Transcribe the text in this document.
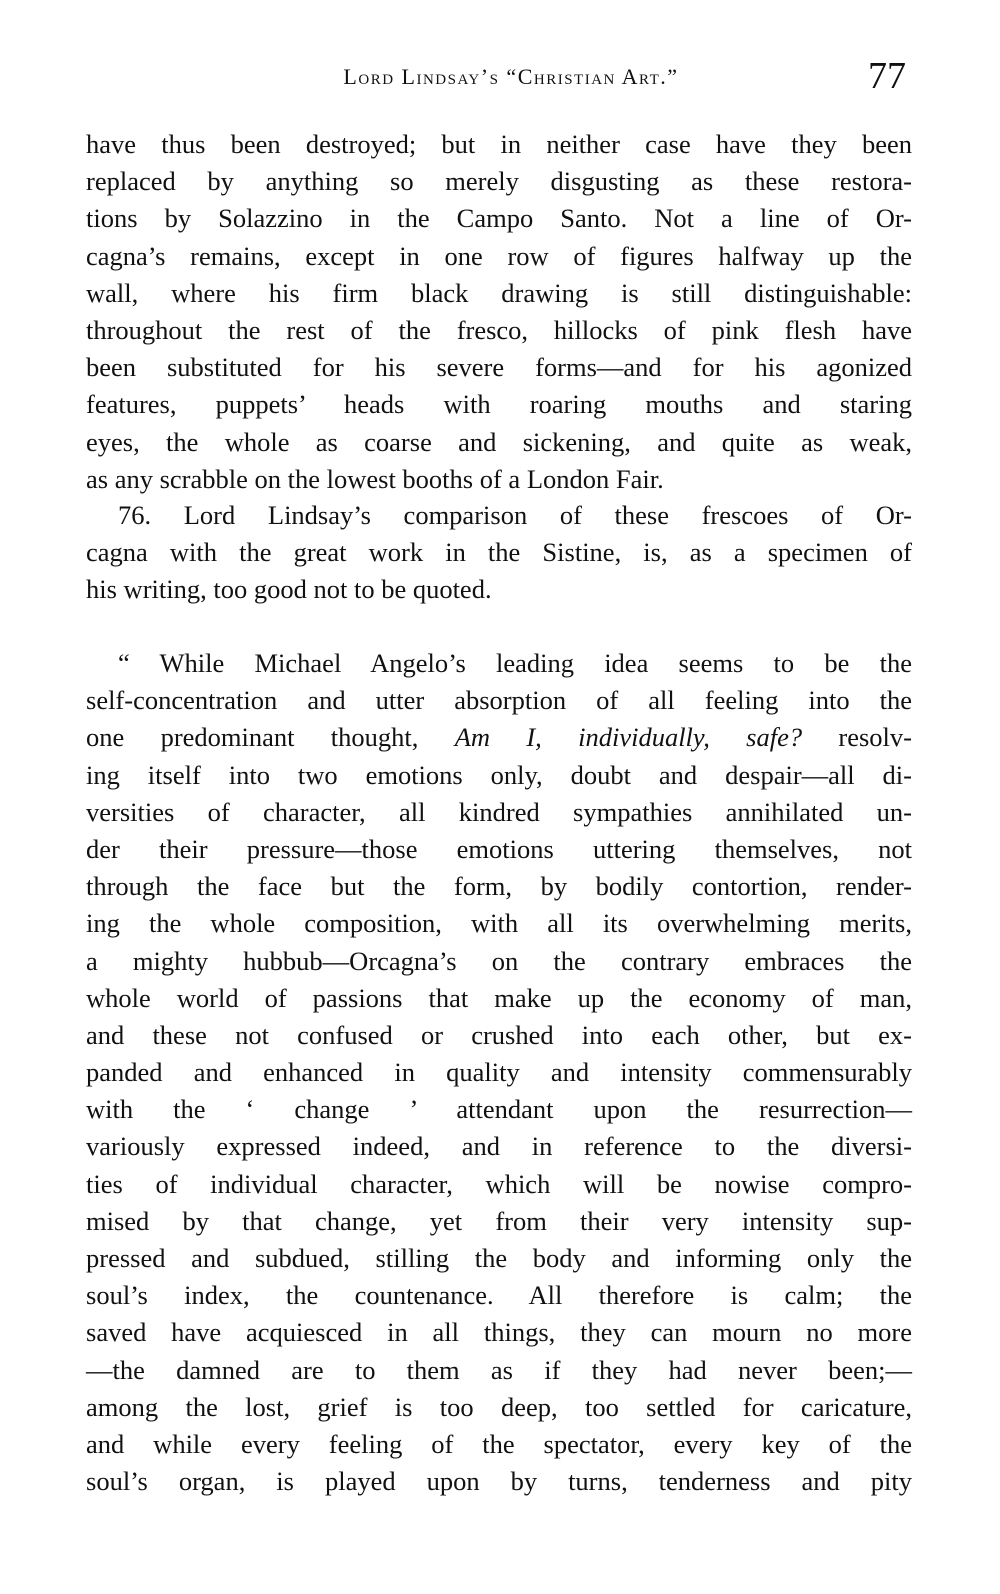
Lord Lindsay’s “Christian Art.”	77
have thus been destroyed; but in neither case have they been
replaced by anything so merely disgusting as these restora-
tions by Solazzino in the Campo Santo. Not a line of Or-
cagna’s remains, except in one row of figures halfway up the
wall, where his firm black drawing is still distinguishable:
throughout the rest of the fresco, hillocks of pink flesh have
been substituted for his severe forms—and for his agonized
features, puppets’ heads with roaring mouths and staring
eyes, the whole as coarse and sickening, and quite as weak,
as any scrabble on the lowest booths of a London Fair.
76. Lord Lindsay’s comparison of these frescoes of Or-
cagna with the great work in the Sistine, is, as a specimen of
his writing, too good not to be quoted.
“ While Michael Angelo’s leading idea seems to be the
self-concentration and utter absorption of all feeling into the
one predominant thought, Am I, individually, safe? resolv-
ing itself into two emotions only, doubt and despair—all di-
versities of character, all kindred sympathies annihilated un-
der their pressure—those emotions uttering themselves, not
through the face but the form, by bodily contortion, render-
ing the whole composition, with all its overwhelming merits,
a mighty hubbub—Orcagna’s on the contrary embraces the
whole world of passions that make up the economy of man,
and these not confused or crushed into each other, but ex-
panded and enhanced in quality and intensity commensurably
with the ‘ change ’ attendant upon the resurrection—
variously expressed indeed, and in reference to the diversi-
ties of individual character, which will be nowise compro-
mised by that change, yet from their very intensity sup-
pressed and subdued, stilling the body and informing only the
soul’s index, the countenance. All therefore is calm; the
saved have acquiesced in all things, they can mourn no more
—the damned are to them as if they had never been;—
among the lost, grief is too deep, too settled for caricature,
and while every feeling of the spectator, every key of the
soul’s organ, is played upon by turns, tenderness and pity
